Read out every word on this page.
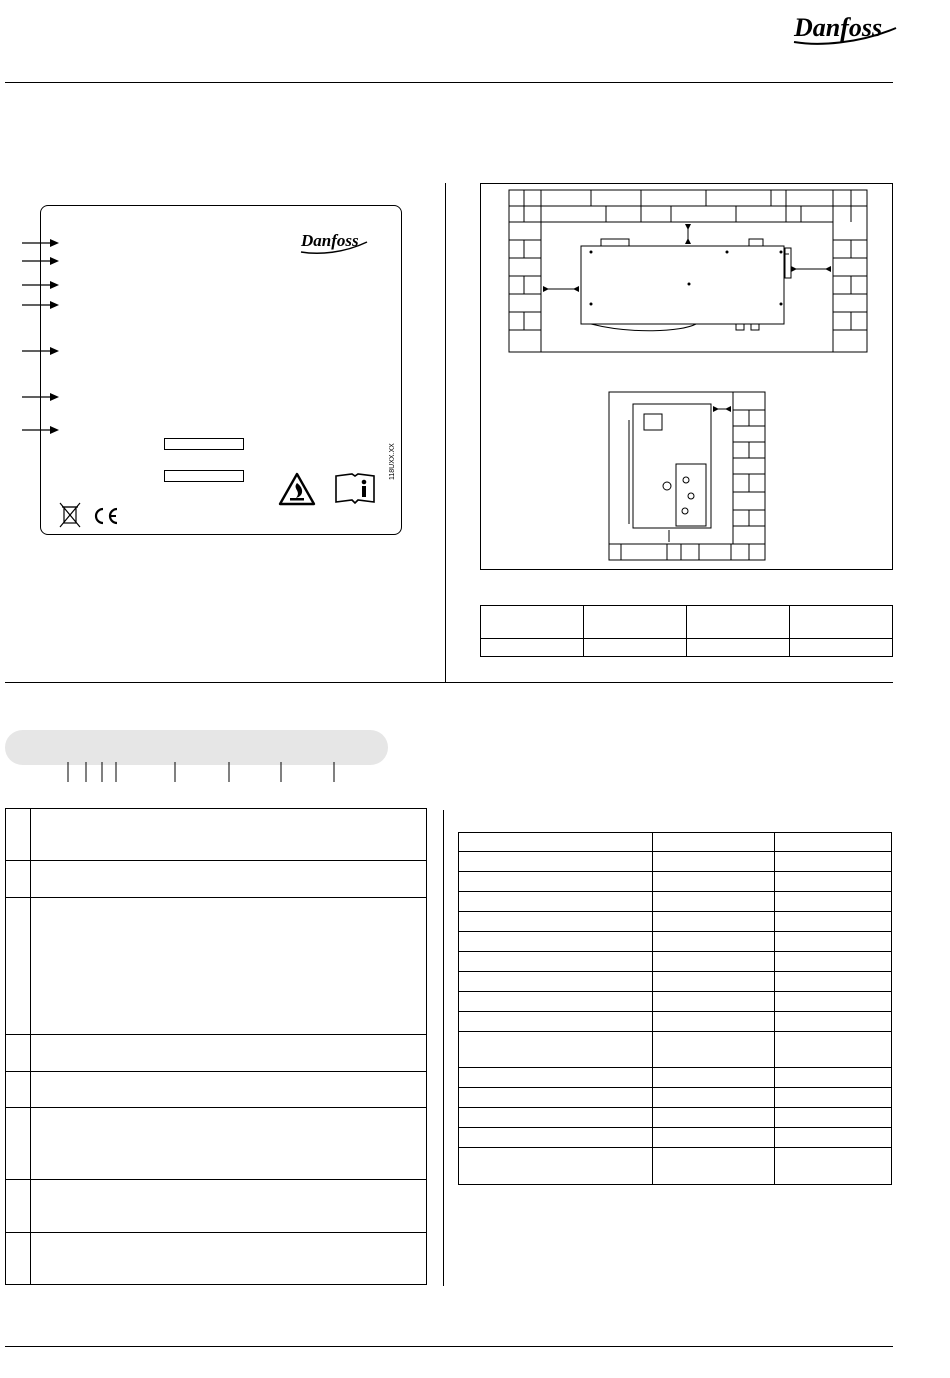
Danfoss
Danfoss
118UXX.XX
